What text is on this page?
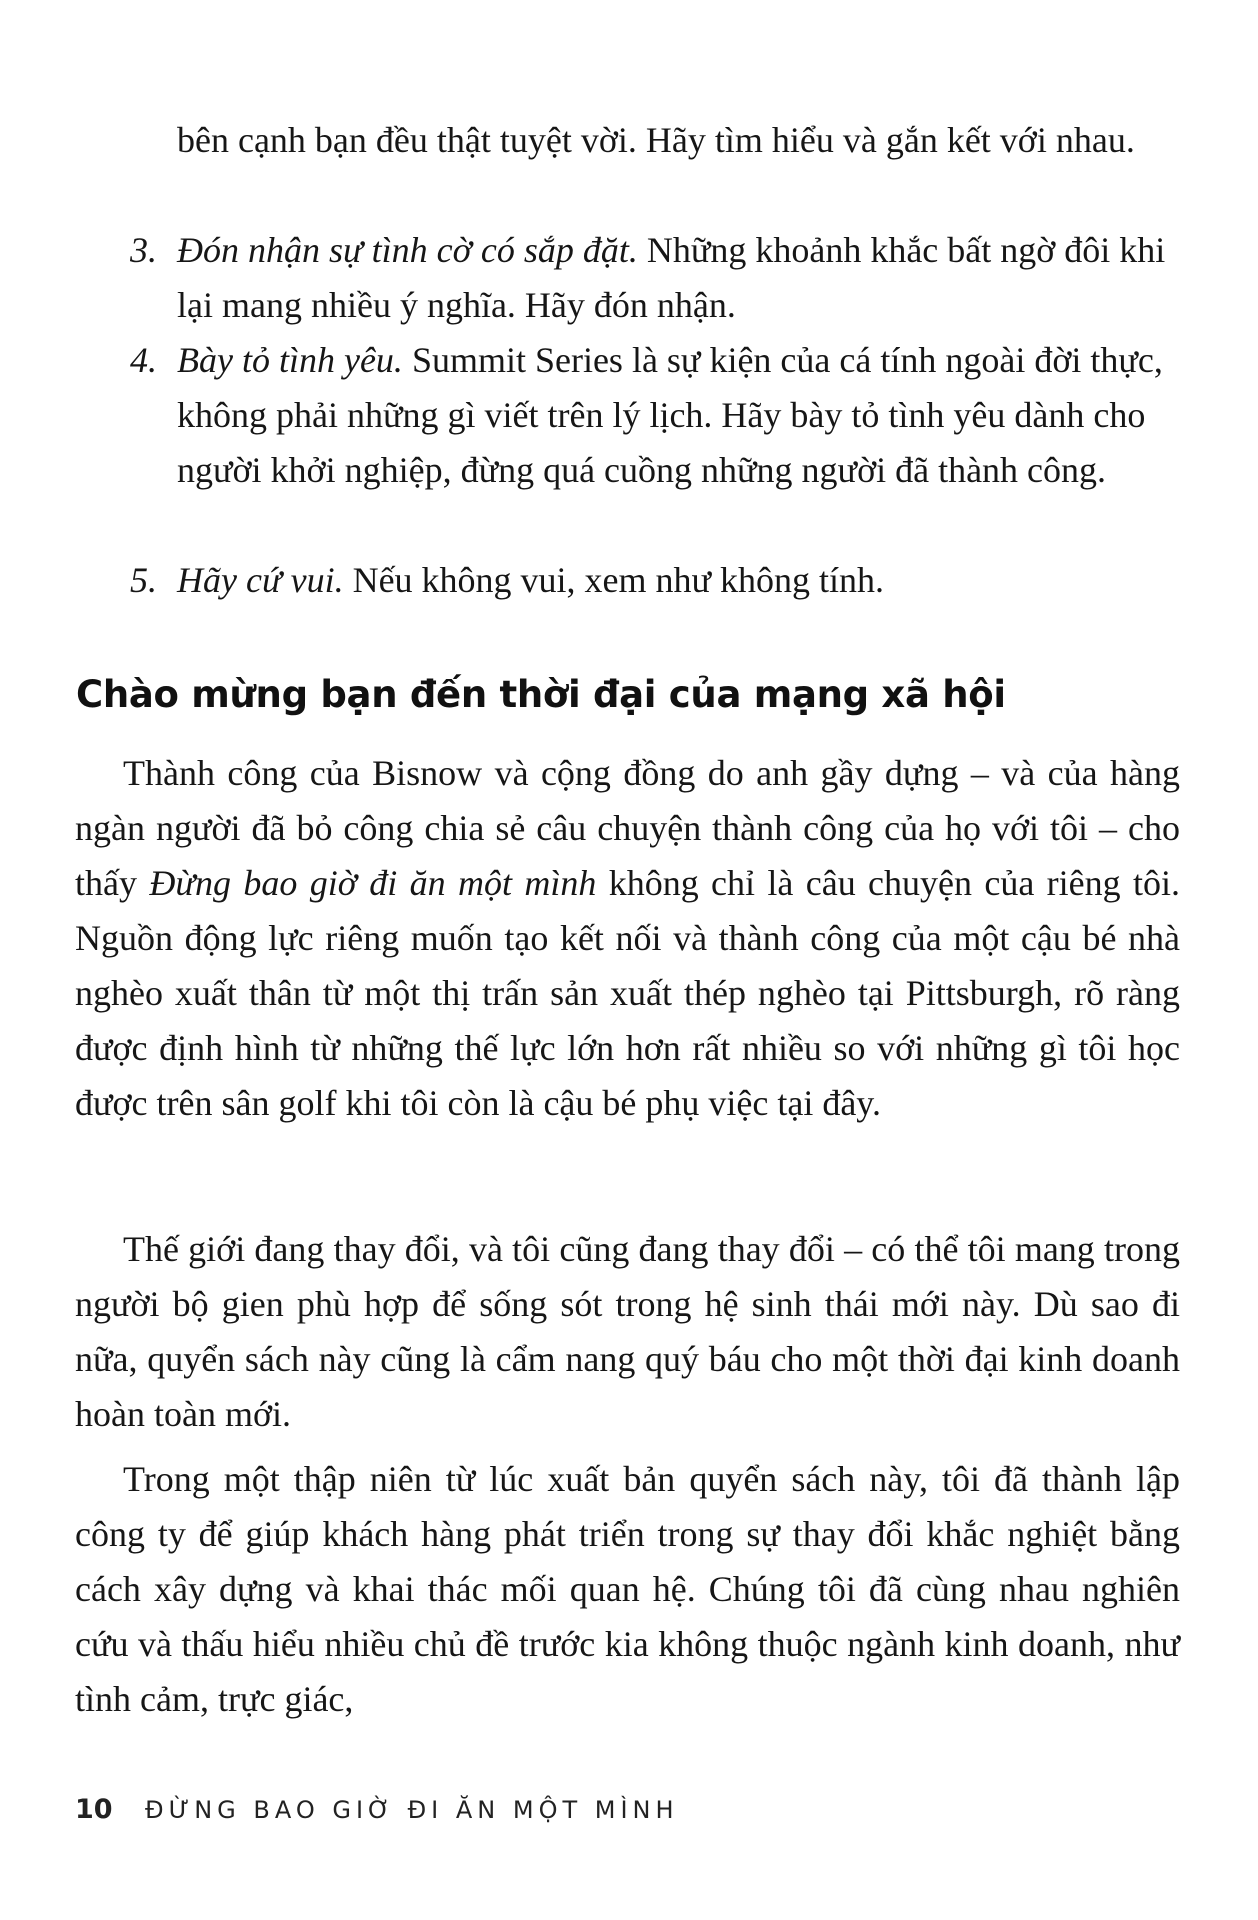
bên cạnh bạn đều thật tuyệt vời. Hãy tìm hiểu và gắn kết với nhau.
3. Đón nhận sự tình cờ có sắp đặt. Những khoảnh khắc bất ngờ đôi khi lại mang nhiều ý nghĩa. Hãy đón nhận.
4. Bày tỏ tình yêu. Summit Series là sự kiện của cá tính ngoài đời thực, không phải những gì viết trên lý lịch. Hãy bày tỏ tình yêu dành cho người khởi nghiệp, đừng quá cuồng những người đã thành công.
5. Hãy cứ vui. Nếu không vui, xem như không tính.
Chào mừng bạn đến thời đại của mạng xã hội

Thành công của Bisnow và cộng đồng do anh gầy dựng – và của hàng ngàn người đã bỏ công chia sẻ câu chuyện thành công của họ với tôi – cho thấy Đừng bao giờ đi ăn một mình không chỉ là câu chuyện của riêng tôi. Nguồn động lực riêng muốn tạo kết nối và thành công của một cậu bé nhà nghèo xuất thân từ một thị trấn sản xuất thép nghèo tại Pittsburgh, rõ ràng được định hình từ những thế lực lớn hơn rất nhiều so với những gì tôi học được trên sân golf khi tôi còn là cậu bé phụ việc tại đây.

Thế giới đang thay đổi, và tôi cũng đang thay đổi – có thể tôi mang trong người bộ gien phù hợp để sống sót trong hệ sinh thái mới này. Dù sao đi nữa, quyển sách này cũng là cẩm nang quý báu cho một thời đại kinh doanh hoàn toàn mới.

Trong một thập niên từ lúc xuất bản quyển sách này, tôi đã thành lập công ty để giúp khách hàng phát triển trong sự thay đổi khắc nghiệt bằng cách xây dựng và khai thác mối quan hệ. Chúng tôi đã cùng nhau nghiên cứu và thấu hiểu nhiều chủ đề trước kia không thuộc ngành kinh doanh, như tình cảm, trực giác,

10 ĐỪNG BAO GIỜ ĐI ĂN MỘT MÌNH
